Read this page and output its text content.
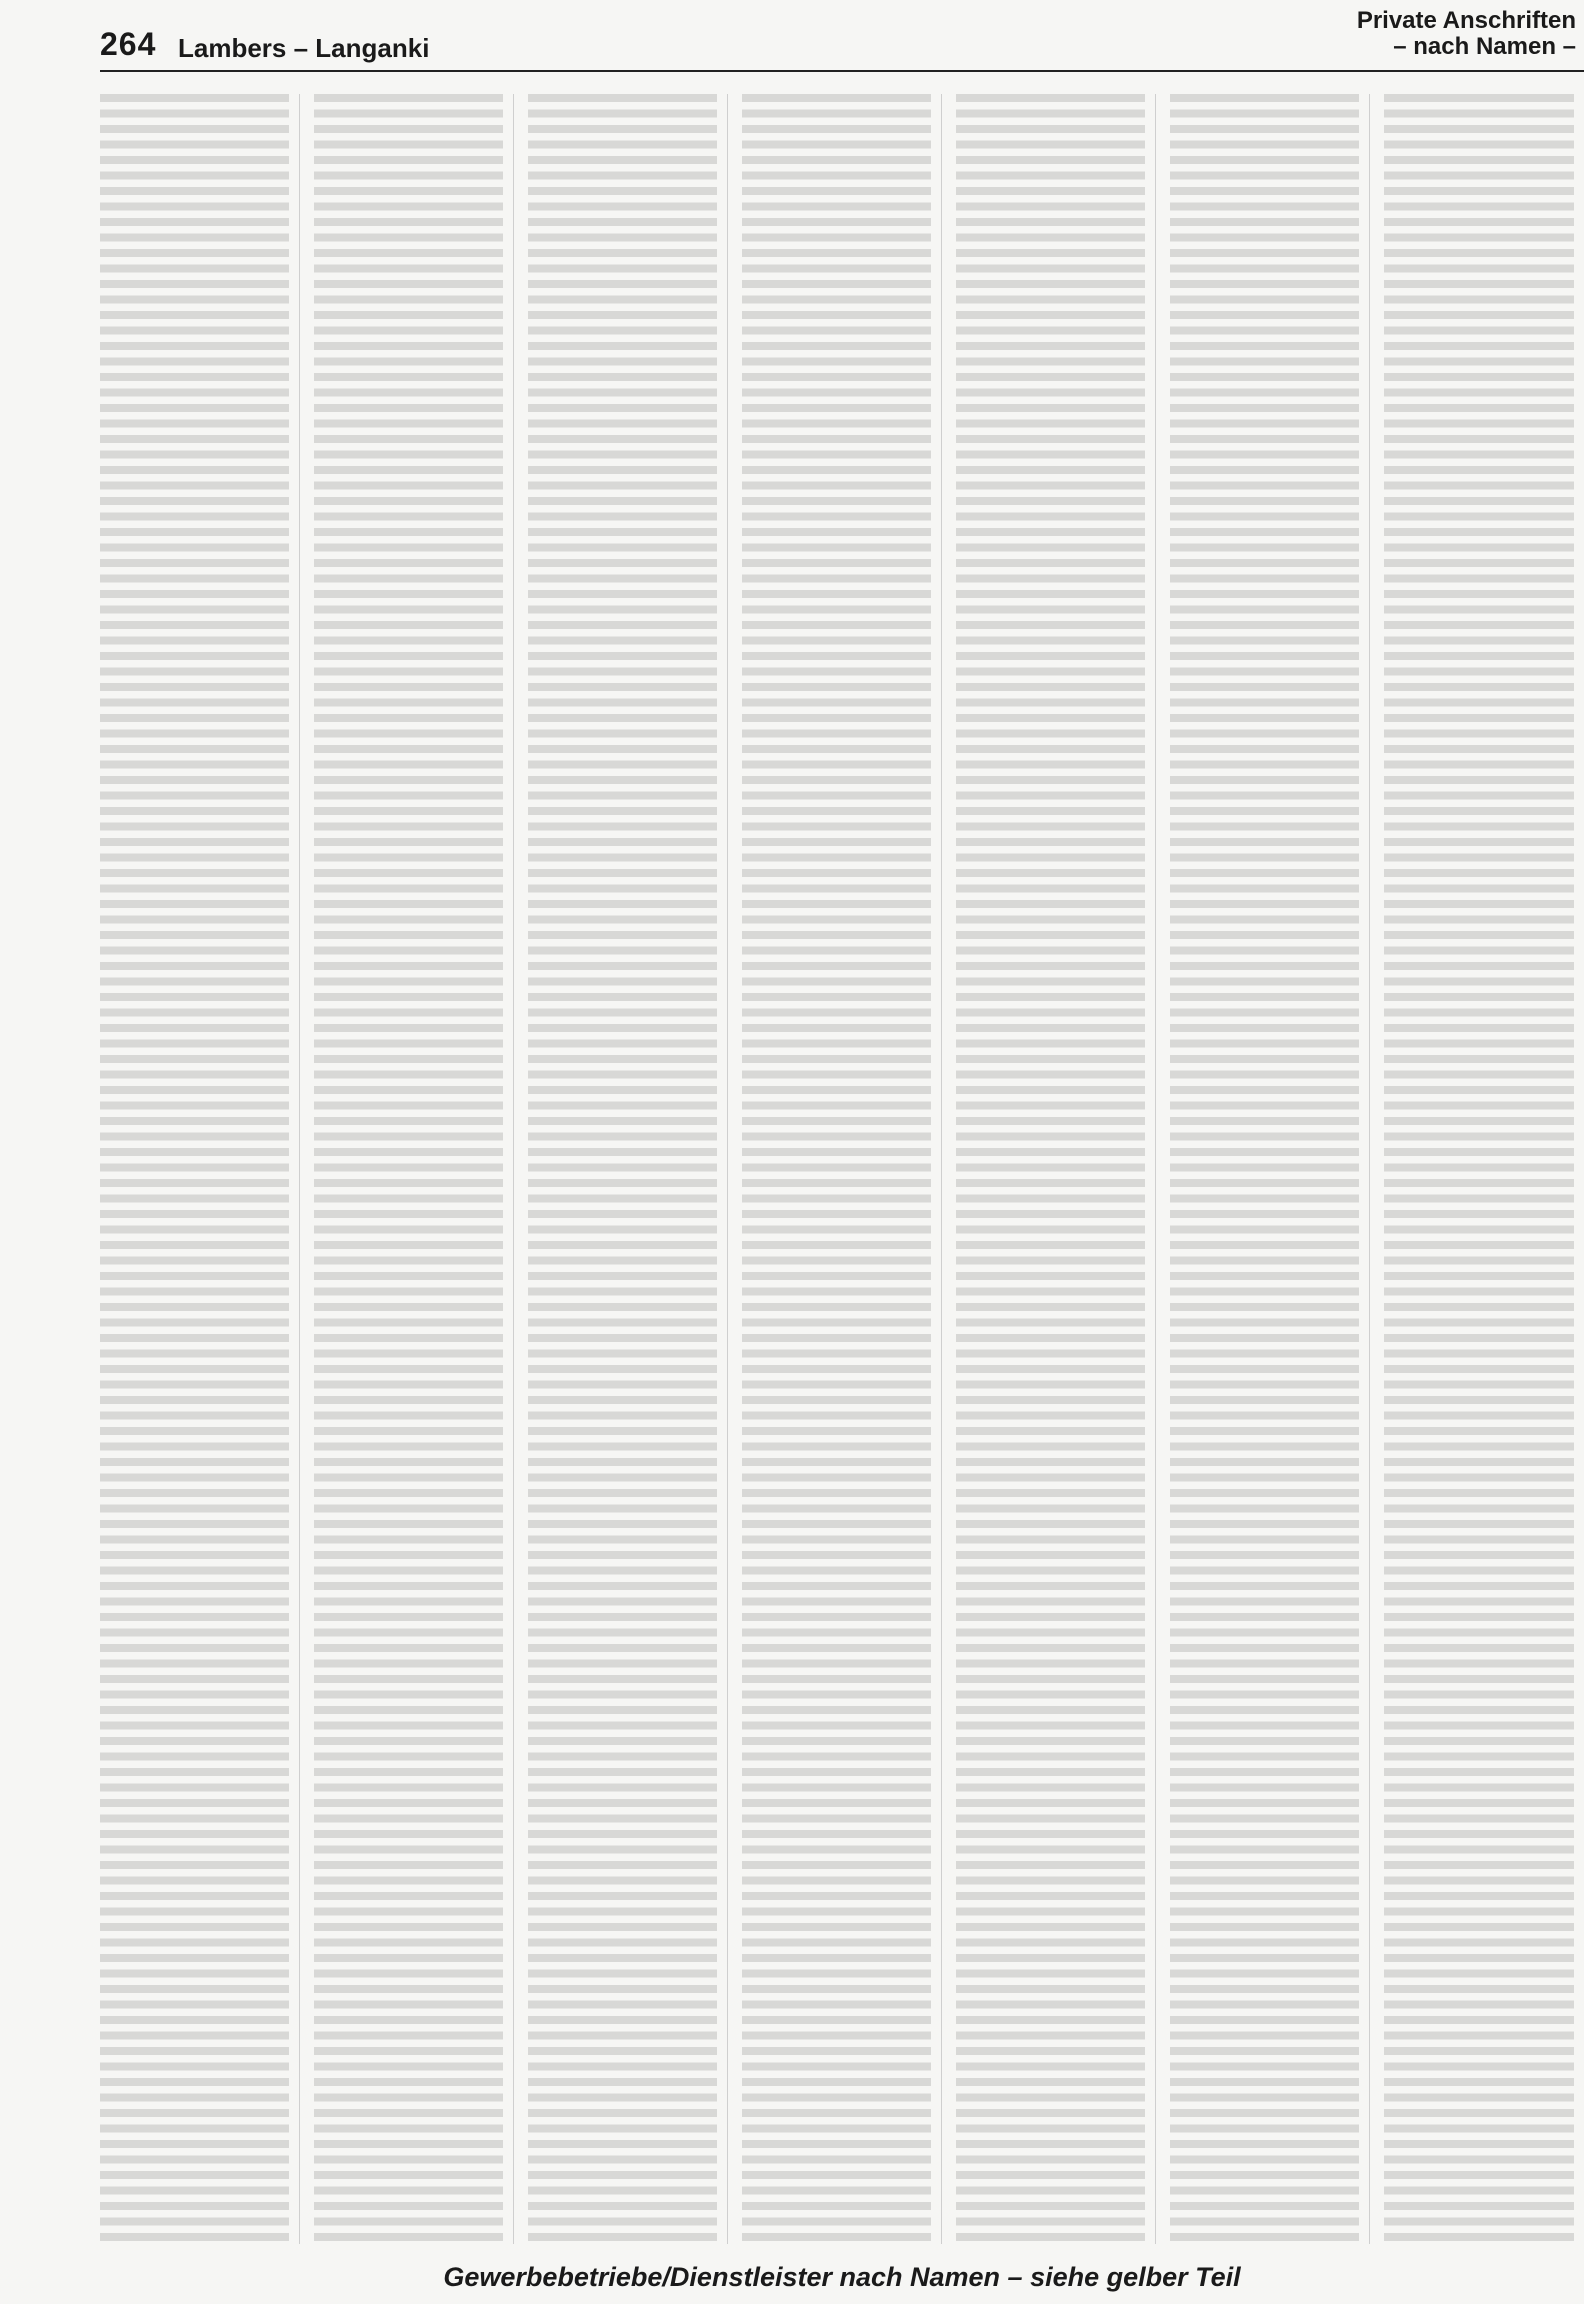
264 Lambers – Langanki
Private Anschriften
– nach Namen –
Gewerbebetriebe/Dienstleister nach Namen – siehe gelber Teil
